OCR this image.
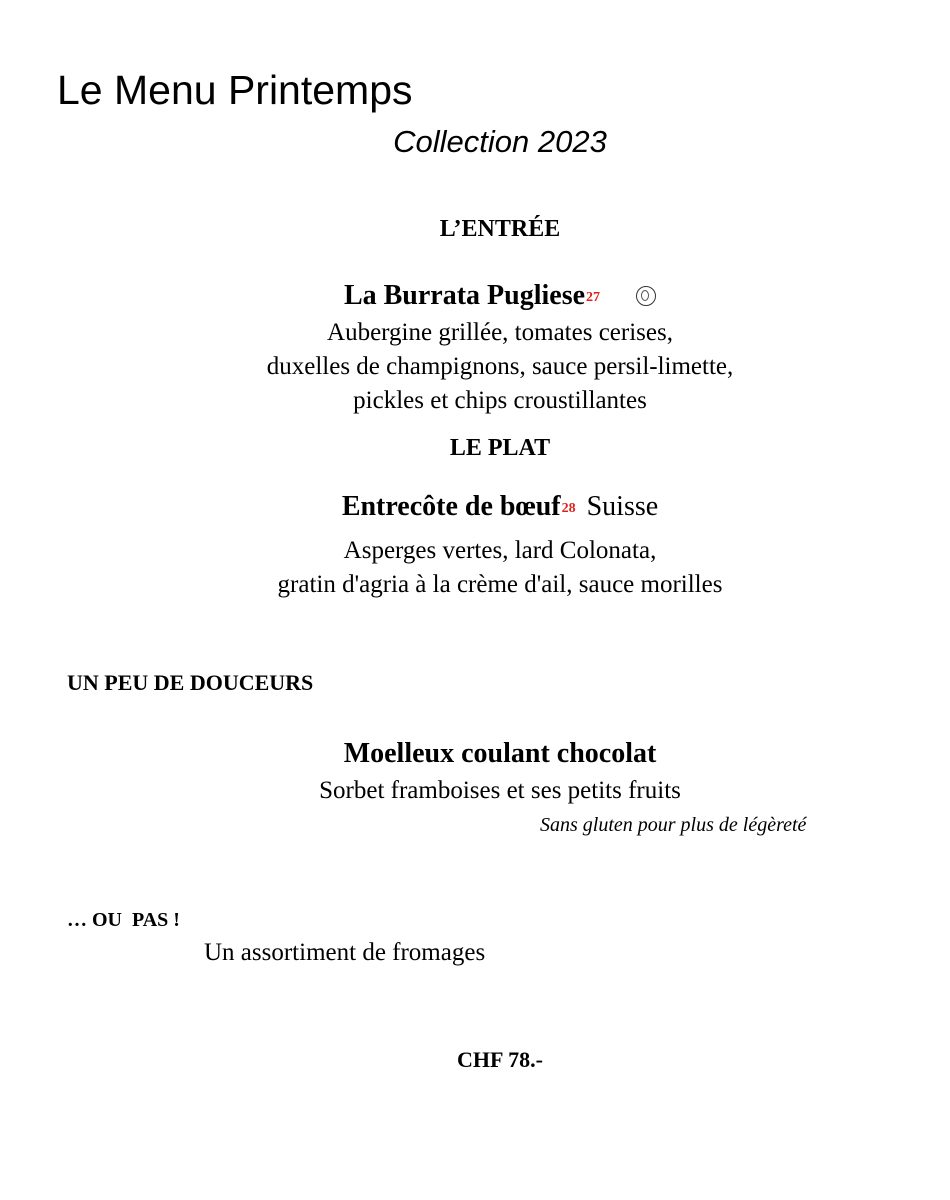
Le Menu Printemps
Collection 2023
L’ENTRÉE
La Burrata Pugliese$^{27}$
Aubergine grillée, tomates cerises,
duxelles de champignons, sauce persil-limette,
pickles et chips croustillantes
LE PLAT
Entrecôte de bœuf$^{28}$ Suisse
Asperges vertes, lard Colonata,
gratin d'agria à la crème d'ail, sauce morilles
UN PEU DE DOUCEURS
Moelleux coulant chocolat
Sorbet framboises et ses petits fruits
Sans gluten pour plus de légèreté
… OU  PAS !
Un assortiment de fromages
CHF 78.-
